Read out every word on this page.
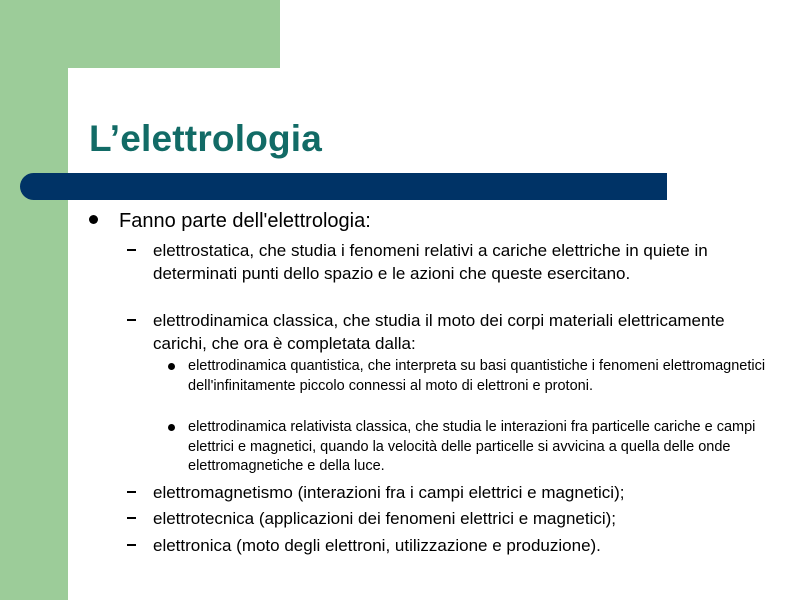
L’elettrologia

Fanno parte dell'elettrologia:

elettrostatica, che studia i fenomeni relativi a cariche elettriche in quiete in determinati punti dello spazio e le azioni che queste esercitano.

elettrodinamica classica, che studia il moto dei corpi materiali elettricamente carichi, che ora è completata dalla:

elettrodinamica quantistica, che interpreta su basi quantistiche i fenomeni elettromagnetici dell'infinitamente piccolo connessi al moto di elettroni e protoni.

elettrodinamica relativista classica, che studia le interazioni fra particelle cariche e campi elettrici e magnetici, quando la velocità delle particelle si avvicina a quella delle onde elettromagnetiche e della luce.

elettromagnetismo (interazioni fra i campi elettrici e magnetici);

elettrotecnica (applicazioni dei fenomeni elettrici e magnetici);

elettronica (moto degli elettroni, utilizzazione e produzione).
